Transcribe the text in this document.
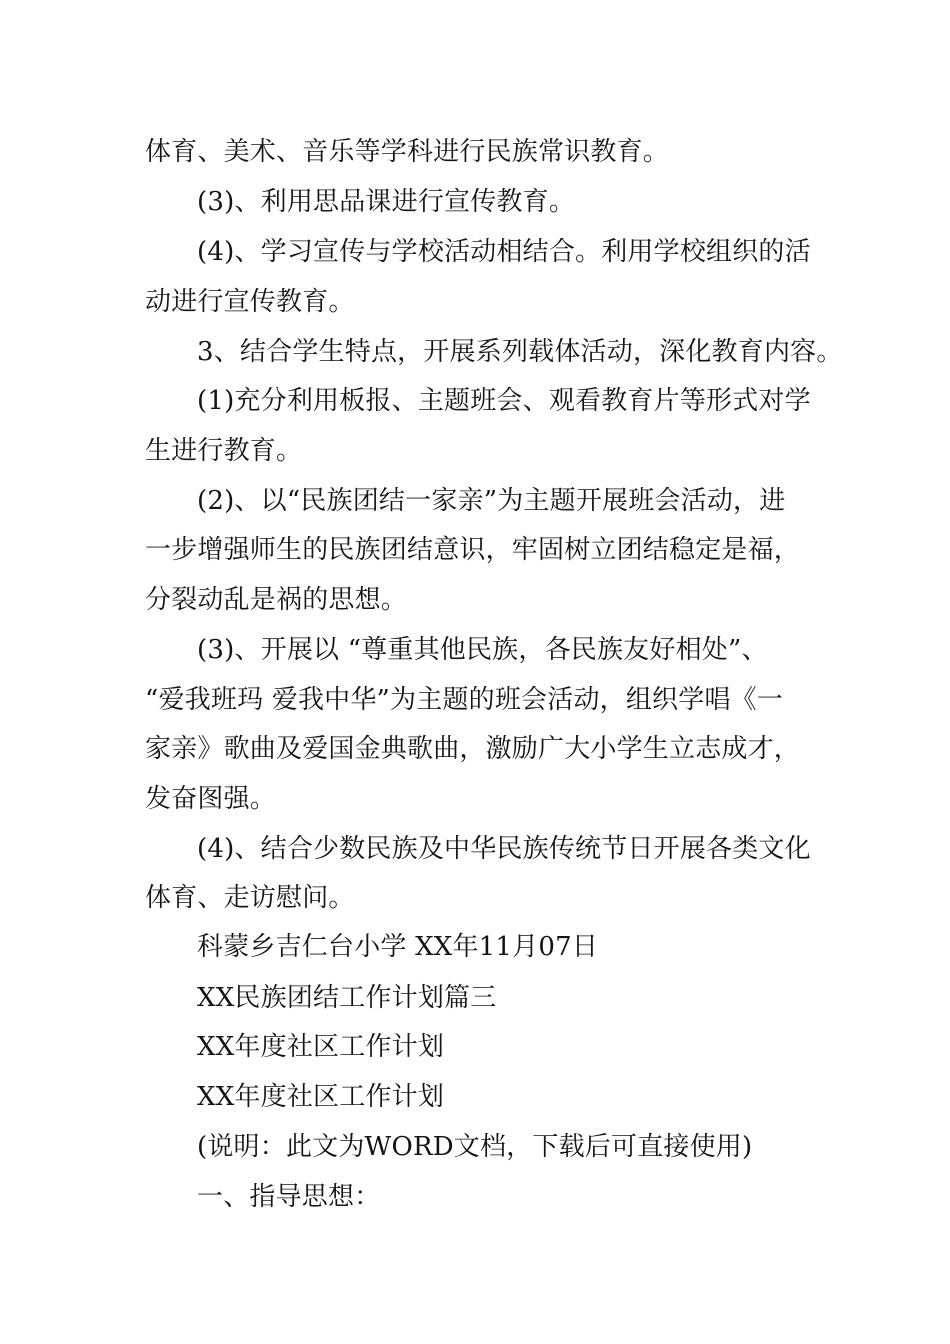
体育、美术、音乐等学科进行民族常识教育。
(3)、利用思品课进行宣传教育。
(4)、学习宣传与学校活动相结合。利用学校组织的活
动进行宣传教育。
3、结合学生特点，开展系列载体活动，深化教育内容。
(1)充分利用板报、主题班会、观看教育片等形式对学
生进行教育。
(2)、以“民族团结一家亲”为主题开展班会活动，进
一步增强师生的民族团结意识，牢固树立团结稳定是福，
分裂动乱是祸的思想。
(3)、开展以 “尊重其他民族，各民族友好相处”、
“爱我班玛 爱我中华”为主题的班会活动，组织学唱《一
家亲》歌曲及爱国金典歌曲，激励广大小学生立志成才，
发奋图强。
(4)、结合少数民族及中华民族传统节日开展各类文化
体育、走访慰问。
科蒙乡吉仁台小学 XX年11月07日
XX民族团结工作计划篇三
XX年度社区工作计划
XX年度社区工作计划
(说明：此文为WORD文档，下载后可直接使用)
一、指导思想：
